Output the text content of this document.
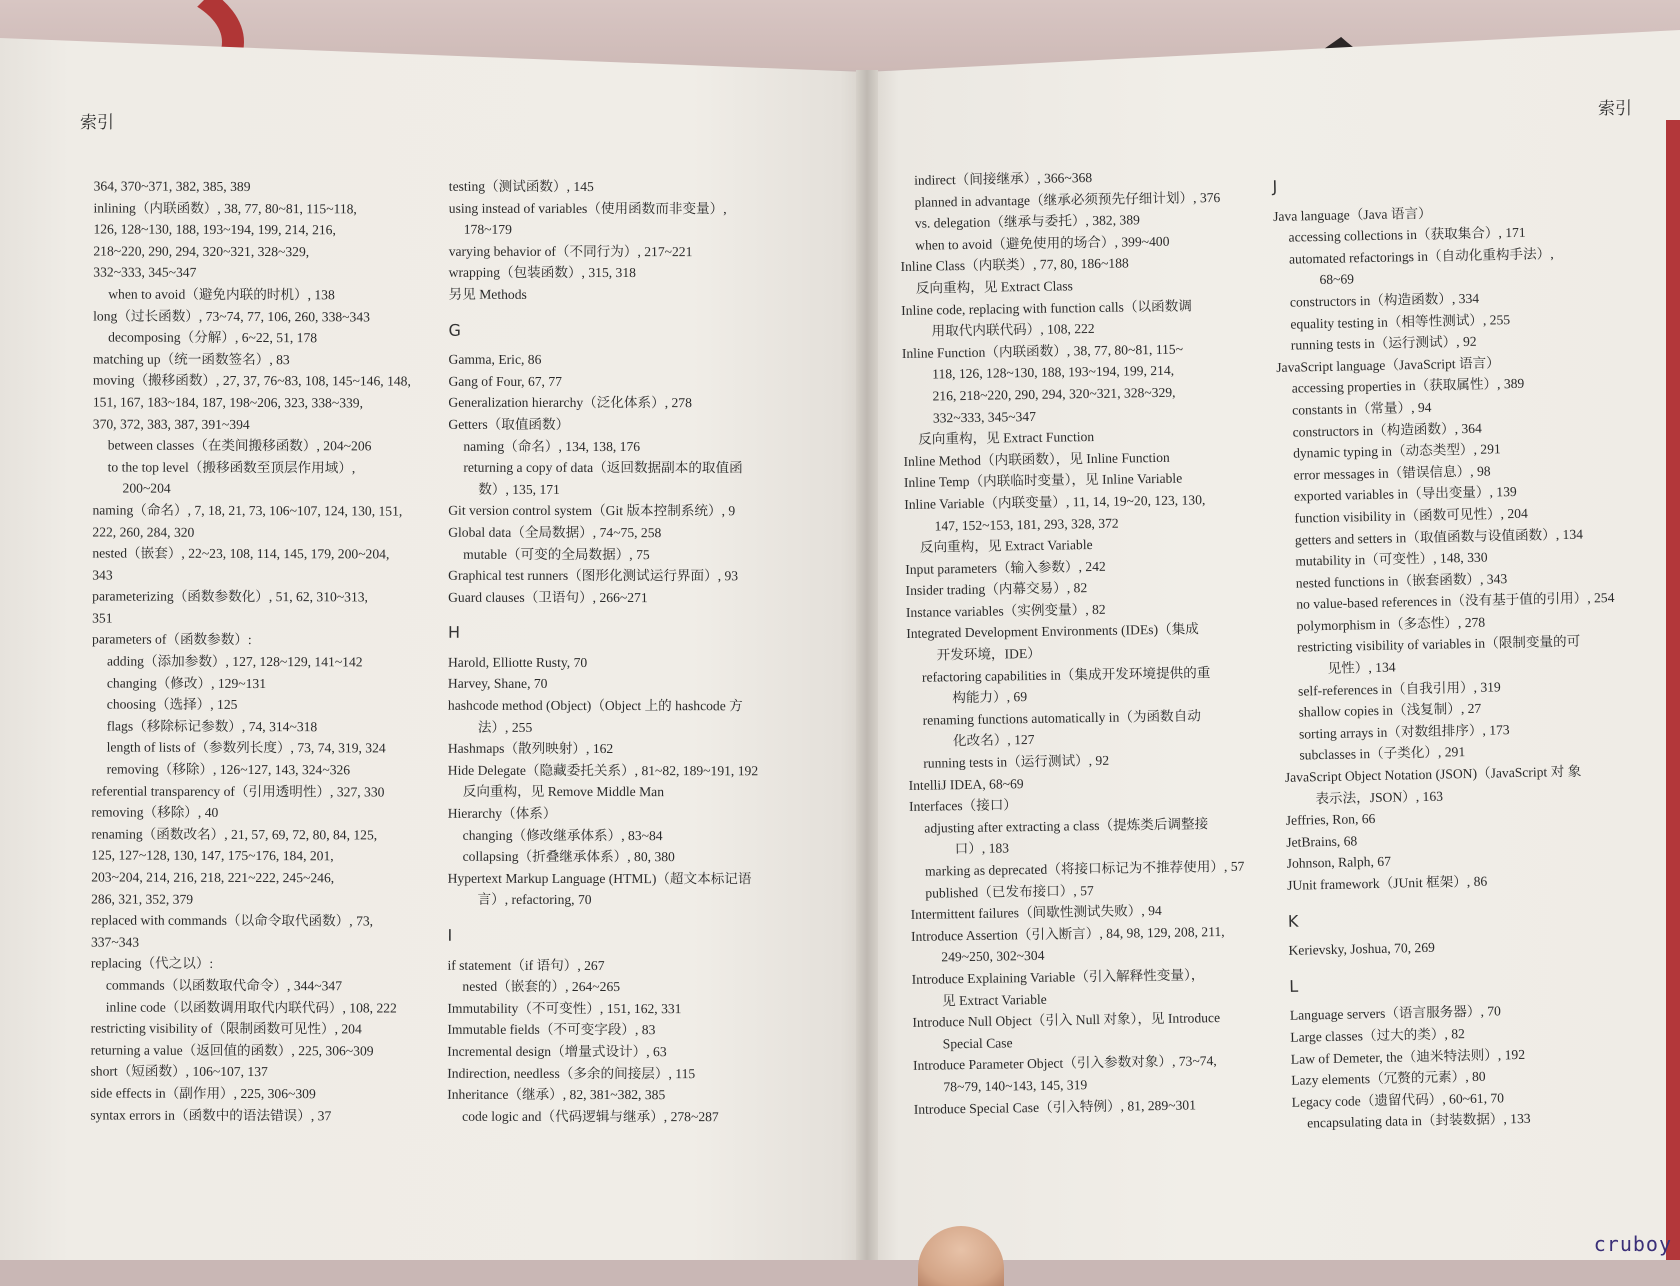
索引
索引
364, 370~371, 382, 385, 389
inlining（内联函数）, 38, 77, 80~81, 115~118,
126, 128~130, 188, 193~194, 199, 214, 216,
218~220, 290, 294, 320~321, 328~329,
332~333, 345~347
when to avoid（避免内联的时机）, 138
long（过长函数）, 73~74, 77, 106, 260, 338~343
decomposing（分解）, 6~22, 51, 178
matching up（统一函数签名）, 83
moving（搬移函数）, 27, 37, 76~83, 108, 145~146, 148,
151, 167, 183~184, 187, 198~206, 323, 338~339,
370, 372, 383, 387, 391~394
between classes（在类间搬移函数）, 204~206
to the top level（搬移函数至顶层作用域）,
200~204
naming（命名）, 7, 18, 21, 73, 106~107, 124, 130, 151,
222, 260, 284, 320
nested（嵌套）, 22~23, 108, 114, 145, 179, 200~204,
343
parameterizing（函数参数化）, 51, 62, 310~313,
351
parameters of（函数参数）:
adding（添加参数）, 127, 128~129, 141~142
changing（修改）, 129~131
choosing（选择）, 125
flags（移除标记参数）, 74, 314~318
length of lists of（参数列长度）, 73, 74, 319, 324
removing（移除）, 126~127, 143, 324~326
referential transparency of（引用透明性）, 327, 330
removing（移除）, 40
renaming（函数改名）, 21, 57, 69, 72, 80, 84, 125,
125, 127~128, 130, 147, 175~176, 184, 201,
203~204, 214, 216, 218, 221~222, 245~246,
286, 321, 352, 379
replaced with commands（以命令取代函数）, 73,
337~343
replacing（代之以）:
commands（以函数取代命令）, 344~347
inline code（以函数调用取代内联代码）, 108, 222
restricting visibility of（限制函数可见性）, 204
returning a value（返回值的函数）, 225, 306~309
short（短函数）, 106~107, 137
side effects in（副作用）, 225, 306~309
syntax errors in（函数中的语法错误）, 37
testing（测试函数）, 145
using instead of variables（使用函数而非变量）,
178~179
varying behavior of（不同行为）, 217~221
wrapping（包装函数）, 315, 318
另见 Methods
G
Gamma, Eric, 86
Gang of Four, 67, 77
Generalization hierarchy（泛化体系）, 278
Getters（取值函数）
naming（命名）, 134, 138, 176
returning a copy of data（返回数据副本的取值函
数）, 135, 171
Git version control system（Git 版本控制系统）, 9
Global data（全局数据）, 74~75, 258
mutable（可变的全局数据）, 75
Graphical test runners（图形化测试运行界面）, 93
Guard clauses（卫语句）, 266~271
H
Harold, Elliotte Rusty, 70
Harvey, Shane, 70
hashcode method (Object)（Object 上的 hashcode 方
法）, 255
Hashmaps（散列映射）, 162
Hide Delegate（隐藏委托关系）, 81~82, 189~191, 192
反向重构，见 Remove Middle Man
Hierarchy（体系）
changing（修改继承体系）, 83~84
collapsing（折叠继承体系）, 80, 380
Hypertext Markup Language (HTML)（超文本标记语
言）, refactoring, 70
I
if statement（if 语句）, 267
nested（嵌套的）, 264~265
Immutability（不可变性）, 151, 162, 331
Immutable fields（不可变字段）, 83
Incremental design（增量式设计）, 63
Indirection, needless（多余的间接层）, 115
Inheritance（继承）, 82, 381~382, 385
code logic and（代码逻辑与继承）, 278~287
indirect（间接继承）, 366~368
planned in advantage（继承必须预先仔细计划）, 376
vs. delegation（继承与委托）, 382, 389
when to avoid（避免使用的场合）, 399~400
Inline Class（内联类）, 77, 80, 186~188
反向重构，见 Extract Class
Inline code, replacing with function calls（以函数调
用取代内联代码）, 108, 222
Inline Function（内联函数）, 38, 77, 80~81, 115~
118, 126, 128~130, 188, 193~194, 199, 214,
216, 218~220, 290, 294, 320~321, 328~329,
332~333, 345~347
反向重构，见 Extract Function
Inline Method（内联函数），见 Inline Function
Inline Temp（内联临时变量），见 Inline Variable
Inline Variable（内联变量）, 11, 14, 19~20, 123, 130,
147, 152~153, 181, 293, 328, 372
反向重构，见 Extract Variable
Input parameters（输入参数）, 242
Insider trading（内幕交易）, 82
Instance variables（实例变量）, 82
Integrated Development Environments (IDEs)（集成
开发环境，IDE）
refactoring capabilities in（集成开发环境提供的重
构能力）, 69
renaming functions automatically in（为函数自动
化改名）, 127
running tests in（运行测试）, 92
IntelliJ IDEA, 68~69
Interfaces（接口）
adjusting after extracting a class（提炼类后调整接
口）, 183
marking as deprecated（将接口标记为不推荐使用）, 57
published（已发布接口）, 57
Intermittent failures（间歇性测试失败）, 94
Introduce Assertion（引入断言）, 84, 98, 129, 208, 211,
249~250, 302~304
Introduce Explaining Variable（引入解释性变量），
见 Extract Variable
Introduce Null Object（引入 Null 对象），见 Introduce
Special Case
Introduce Parameter Object（引入参数对象）, 73~74,
78~79, 140~143, 145, 319
Introduce Special Case（引入特例）, 81, 289~301
J
Java language（Java 语言）
accessing collections in（获取集合）, 171
automated refactorings in（自动化重构手法）,
68~69
constructors in（构造函数）, 334
equality testing in（相等性测试）, 255
running tests in（运行测试）, 92
JavaScript language（JavaScript 语言）
accessing properties in（获取属性）, 389
constants in（常量）, 94
constructors in（构造函数）, 364
dynamic typing in（动态类型）, 291
error messages in（错误信息）, 98
exported variables in（导出变量）, 139
function visibility in（函数可见性）, 204
getters and setters in（取值函数与设值函数）, 134
mutability in（可变性）, 148, 330
nested functions in（嵌套函数）, 343
no value-based references in（没有基于值的引用）, 254
polymorphism in（多态性）, 278
restricting visibility of variables in（限制变量的可
见性）, 134
self-references in（自我引用）, 319
shallow copies in（浅复制）, 27
sorting arrays in（对数组排序）, 173
subclasses in（子类化）, 291
JavaScript Object Notation (JSON)（JavaScript 对 象
表示法，JSON）, 163
Jeffries, Ron, 66
JetBrains, 68
Johnson, Ralph, 67
JUnit framework（JUnit 框架）, 86
K
Kerievsky, Joshua, 70, 269
L
Language servers（语言服务器）, 70
Large classes（过大的类）, 82
Law of Demeter, the（迪米特法则）, 192
Lazy elements（冗赘的元素）, 80
Legacy code（遗留代码）, 60~61, 70
encapsulating data in（封装数据）, 133
cruboy
